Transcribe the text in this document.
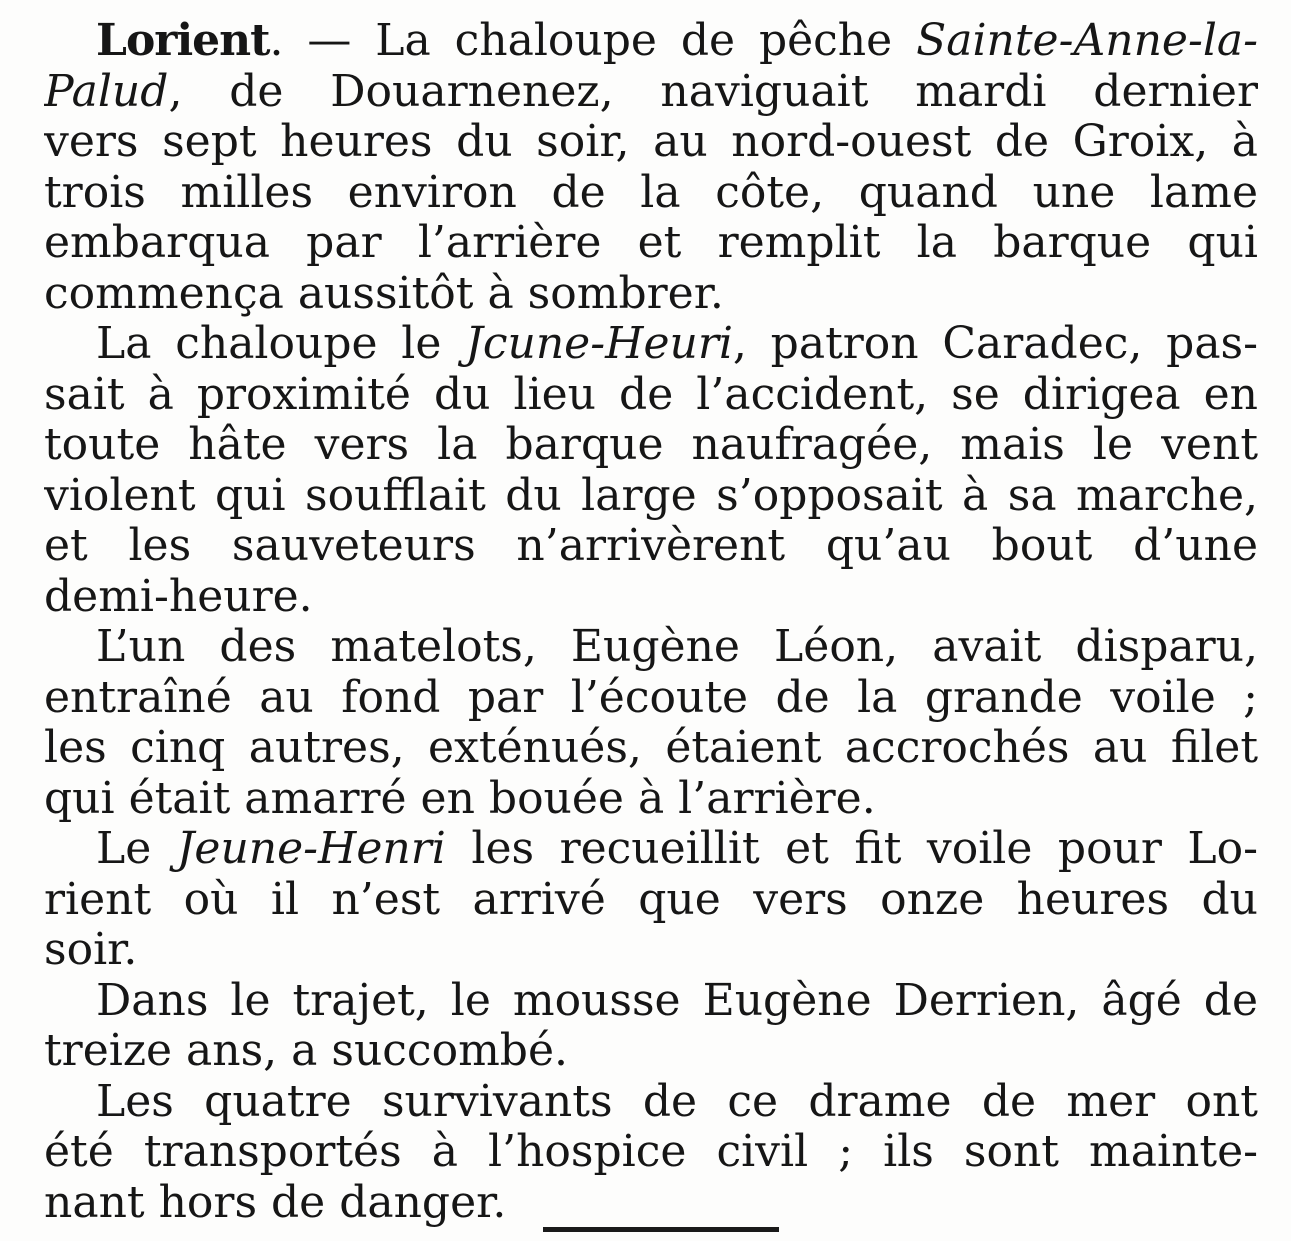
Lorient. — La chaloupe de pêche Sainte-Anne-la-
Palud, de Douarnenez, naviguait mardi dernier
vers sept heures du soir, au nord-ouest de Groix, à
trois milles environ de la côte, quand une lame
embarqua par l’arrière et remplit la barque qui
commença aussitôt à sombrer.
La chaloupe le Jcune-Heuri, patron Caradec, pas-
sait à proximité du lieu de l’accident, se dirigea en
toute hâte vers la barque naufragée, mais le vent
violent qui soufflait du large s’opposait à sa marche,
et les sauveteurs n’arrivèrent qu’au bout d’une
demi-heure.
L’un des matelots, Eugène Léon, avait disparu,
entraîné au fond par l’écoute de la grande voile ;
les cinq autres, exténués, étaient accrochés au filet
qui était amarré en bouée à l’arrière.
Le Jeune-Henri les recueillit et fit voile pour Lo-
rient où il n’est arrivé que vers onze heures du
soir.
Dans le trajet, le mousse Eugène Derrien, âgé de
treize ans, a succombé.
Les quatre survivants de ce drame de mer ont
été transportés à l’hospice civil ; ils sont mainte-
nant hors de danger.
